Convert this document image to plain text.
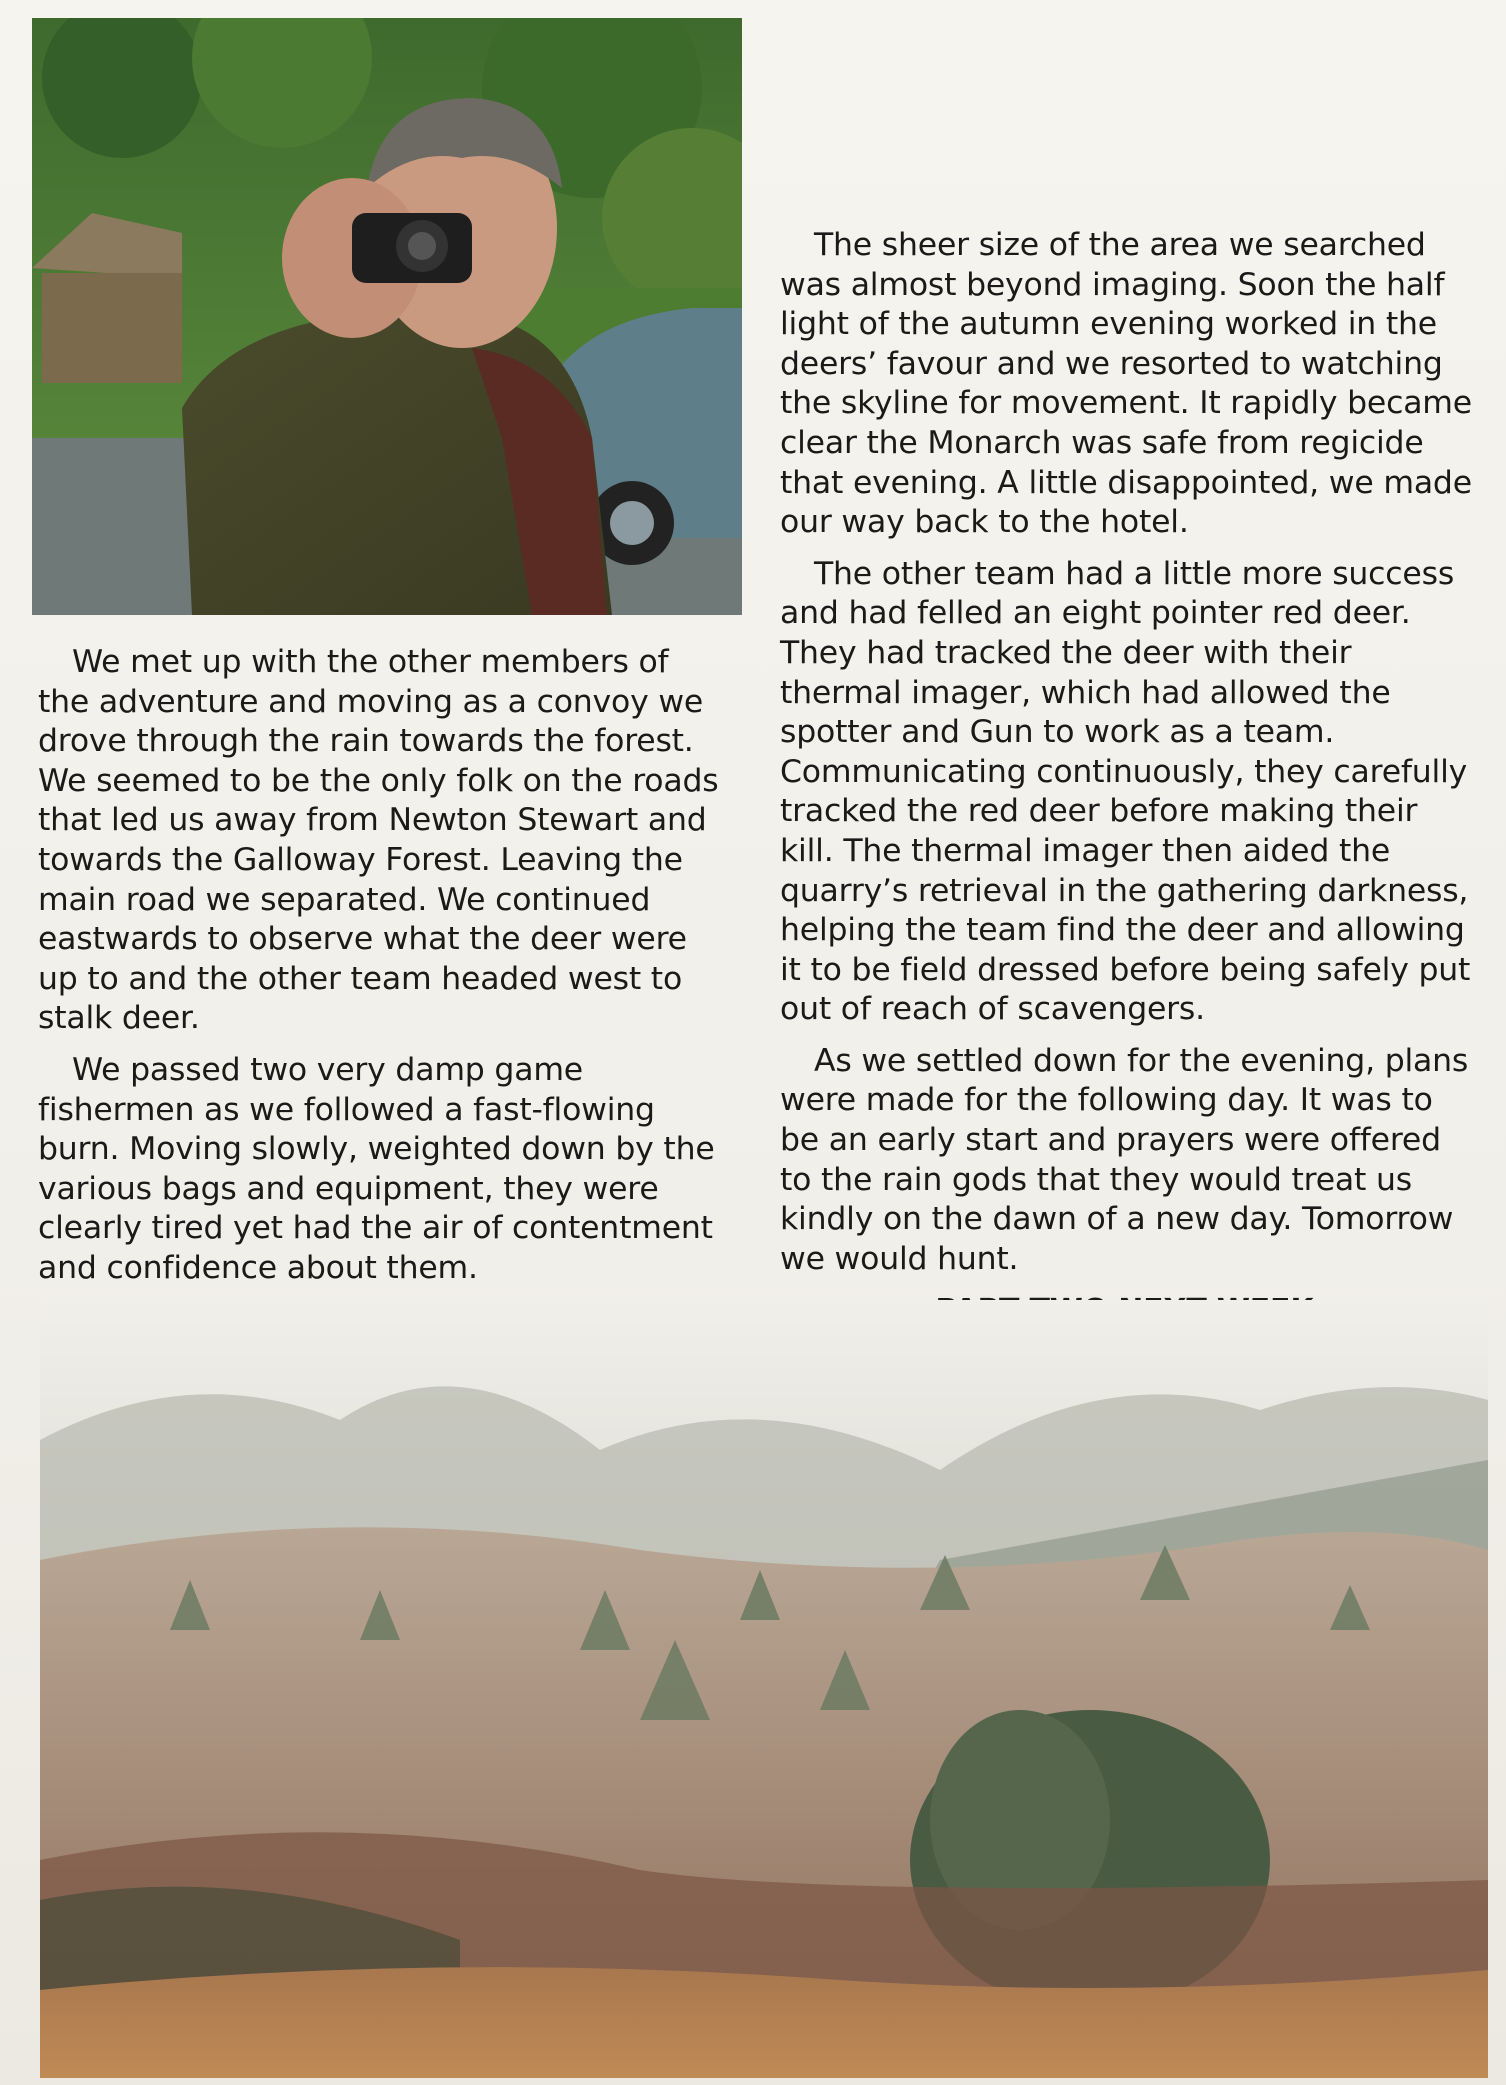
We met up with the other members of the adventure and moving as a convoy we drove through the rain towards the forest. We seemed to be the only folk on the roads that led us away from Newton Stewart and towards the Galloway Forest. Leaving the main road we separated. We continued eastwards to observe what the deer were up to and the other team headed west to stalk deer.

We passed two very damp game fishermen as we followed a fast-flowing burn. Moving slowly, weighted down by the various bags and equipment, they were clearly tired yet had the air of contentment and confidence about them.

The sheer size of the area we searched was almost beyond imaging. Soon the half light of the autumn evening worked in the deers’ favour and we resorted to watching the skyline for movement. It rapidly became clear the Monarch was safe from regicide that evening. A little disappointed, we made our way back to the hotel.

The other team had a little more success and had felled an eight pointer red deer. They had tracked the deer with their thermal imager, which had allowed the spotter and Gun to work as a team. Communicating continuously, they carefully tracked the red deer before making their kill. The thermal imager then aided the quarry’s retrieval in the gathering darkness, helping the team find the deer and allowing it to be field dressed before being safely put out of reach of scavengers.

As we settled down for the evening, plans were made for the following day. It was to be an early start and prayers were offered to the rain gods that they would treat us kindly on the dawn of a new day. Tomorrow we would hunt.
